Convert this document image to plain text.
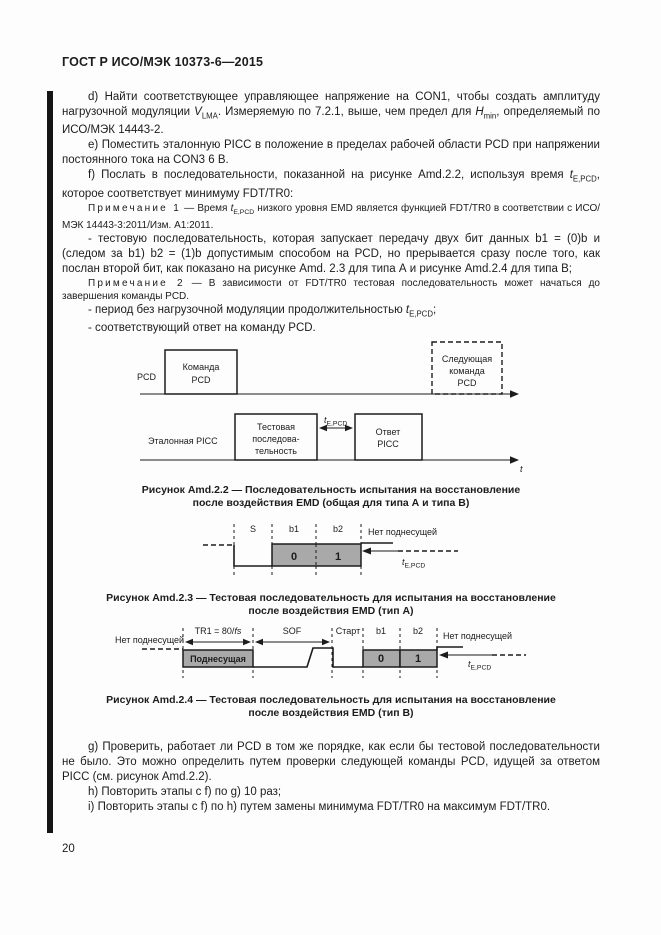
ГОСТ Р ИСО/МЭК 10373-6—2015

d) Найти соответствующее управляющее напряжение на CON1, чтобы создать амплитуду нагрузочной модуляции $V_{LMA}$. Измеряемую по 7.2.1, выше, чем предел для $H_{min}$, определяемый по ИСО/МЭК 14443-2.

e) Поместить эталонную PICC в положение в пределах рабочей области PCD при напряжении постоянного тока на CON3 6 В.

f) Послать в последовательности, показанной на рисунке Amd.2.2, используя время $t_{E,PCD}$, которое соответствует минимуму FDT/TR0:

Примечание 1 — Время $t_{E,PCD}$ низкого уровня EMD является функцией FDT/TR0 в соответствии с ИСО/МЭК 14443-3:2011/Изм. А1:2011.

- тестовую последовательность, которая запускает передачу двух бит данных b1 = (0)b и (следом за b1) b2 = (1)b допустимым способом на PCD, но прерывается сразу после того, как послан второй бит, как показано на рисунке Amd. 2.3 для типа А и рисунке Amd.2.4 для типа В;

Примечание 2 — В зависимости от FDT/TR0 тестовая последовательность может начаться до завершения команды PCD.

- период без нагрузочной модуляции продолжительностью $t_{E,PCD}$;

- соответствующий ответ на команду PCD.

PCD
Команда
PCD
Следующая
команда
PCD
Эталонная PICC
Тестовая
последова-
тельность
Ответ
PICC
$t_{E,PCD}$
t
Рисунок Amd.2.2 — Последовательность испытания на восстановление
после воздействия EMD (общая для типа А и типа В)
S	b1	b2	Нет поднесущей
0	1	$t_{E,PCD}$
Рисунок Amd.2.3 — Тестовая последовательность для испытания на восстановление
после воздействия EMD (тип А)
Нет поднесущей
TR1 = 80/fs	SOF	Старт b1	b2 Нет поднесущей
Поднесущая	0	1	$t_{E,PCD}$
Рисунок Amd.2.4 — Тестовая последовательность для испытания на восстановление
после воздействия EMD (тип В)

g) Проверить, работает ли PCD в том же порядке, как если бы тестовой последовательности не было. Это можно определить путем проверки следующей команды PCD, идущей за ответом PICC (см. рисунок Amd.2.2).

h) Повторить этапы с f) по g) 10 раз;

i) Повторить этапы с f) по h) путем замены минимума FDT/TR0 на максимум FDT/TR0.

20
